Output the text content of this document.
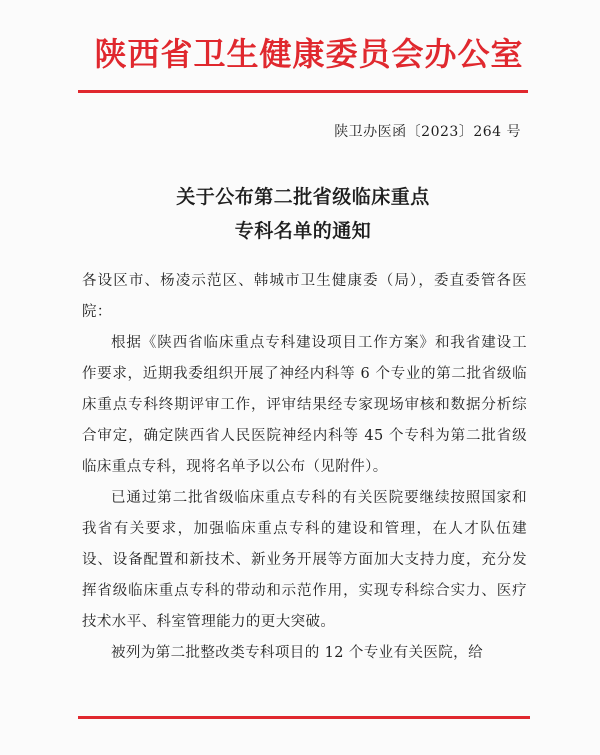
陕西省卫生健康委员会办公室
陕卫办医函〔2023〕264 号
关于公布第二批省级临床重点
专科名单的通知

各设区市、杨凌示范区、韩城市卫生健康委（局），委直委管各医院：

根据《陕西省临床重点专科建设项目工作方案》和我省建设工作要求，近期我委组织开展了神经内科等 6 个专业的第二批省级临床重点专科终期评审工作，评审结果经专家现场审核和数据分析综合审定，确定陕西省人民医院神经内科等 45 个专科为第二批省级临床重点专科，现将名单予以公布（见附件）。

已通过第二批省级临床重点专科的有关医院要继续按照国家和我省有关要求，加强临床重点专科的建设和管理，在人才队伍建设、设备配置和新技术、新业务开展等方面加大支持力度，充分发挥省级临床重点专科的带动和示范作用，实现专科综合实力、医疗技术水平、科室管理能力的更大突破。

被列为第二批整改类专科项目的 12 个专业有关医院，给
